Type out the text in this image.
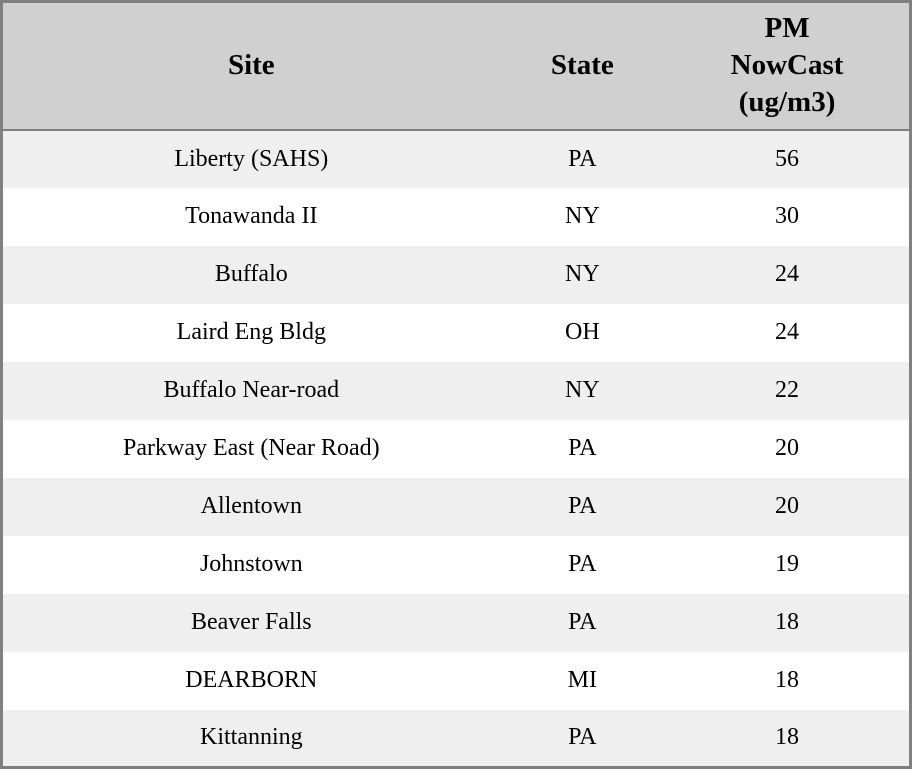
Site	State	PM NowCast (ug/m3)
Liberty (SAHS)	PA	56
Tonawanda II	NY	30
Buffalo	NY	24
Laird Eng Bldg	OH	24
Buffalo Near-road	NY	22
Parkway East (Near Road)	PA	20
Allentown	PA	20
Johnstown	PA	19
Beaver Falls	PA	18
DEARBORN	MI	18
Kittanning	PA	18
